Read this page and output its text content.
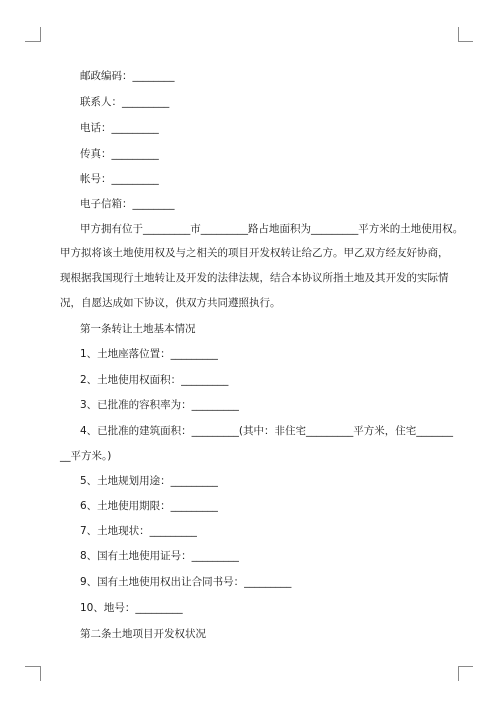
邮政编码：________
联系人：_________
电话：_________
传真：_________
帐号：_________
电子信箱：________
甲方拥有位于_________市_________路占地面积为_________平方米的土地使用权。
甲方拟将该土地使用权及与之相关的项目开发权转让给乙方。甲乙双方经友好协商，
现根据我国现行土地转让及开发的法律法规，结合本协议所指土地及其开发的实际情
况，自愿达成如下协议，供双方共同遵照执行。
第一条转让土地基本情况
1、土地座落位置：_________
2、土地使用权面积：_________
3、已批准的容积率为：_________
4、已批准的建筑面积：_________(其中：非住宅_________平方米，住宅_______
__平方米。)
5、土地规划用途：_________
6、土地使用期限：_________
7、土地现状：_________
8、国有土地使用证号：_________
9、国有土地使用权出让合同书号：_________
10、地号：_________
第二条土地项目开发权状况
